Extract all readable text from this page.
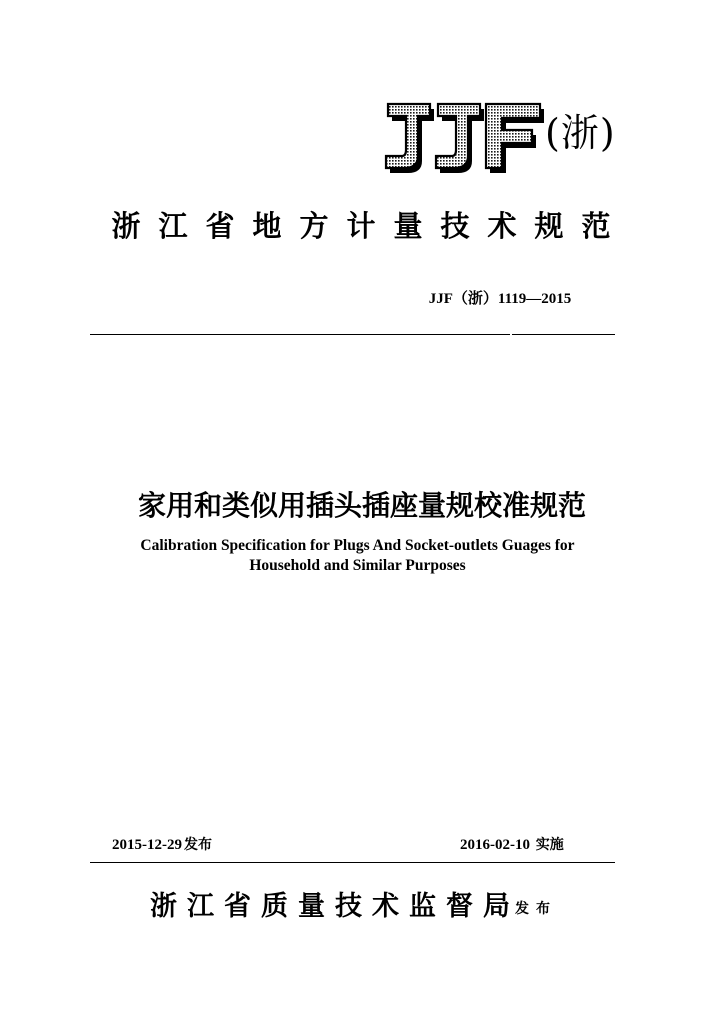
(浙)
浙江省地方计量技术规范
JJF（浙）1119—2015
家用和类似用插头插座量规校准规范
Calibration Specification for Plugs And Socket-outlets Guages for
Household and Similar Purposes
2015-12-29 发布	2016-02-10 实施
浙江省质量技术监督局
发布
